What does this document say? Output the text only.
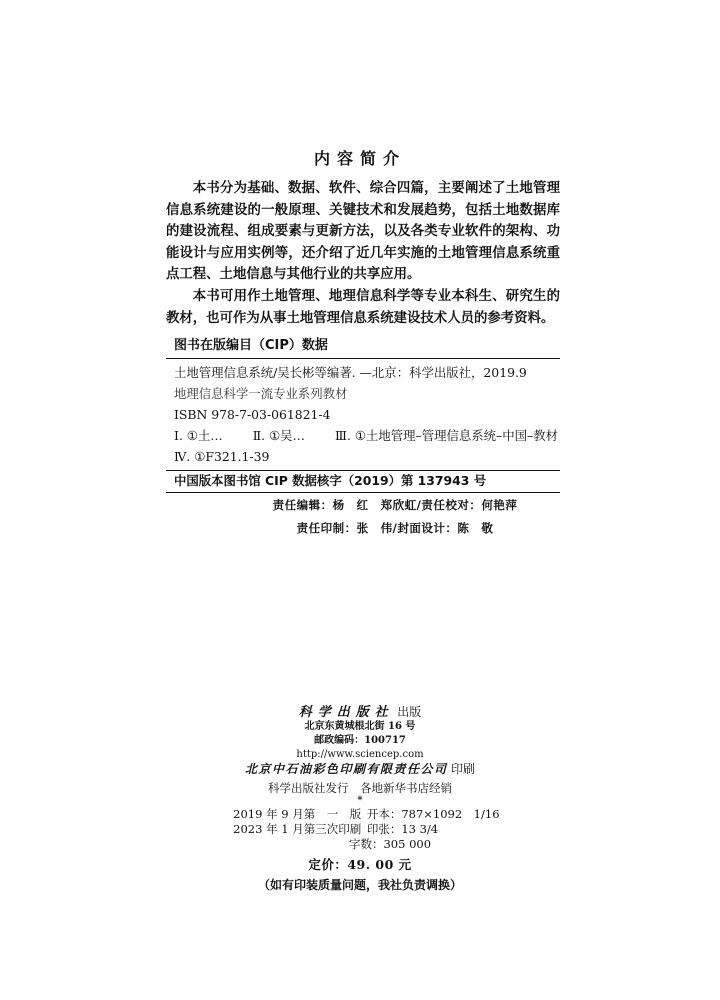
内容简介

本书分为基础、数据、软件、综合四篇，主要阐述了土地管理信息系统建设的一般原理、关键技术和发展趋势，包括土地数据库的建设流程、组成要素与更新方法，以及各类专业软件的架构、功能设计与应用实例等，还介绍了近几年实施的土地管理信息系统重点工程、土地信息与其他行业的共享应用。

本书可用作土地管理、地理信息科学等专业本科生、研究生的教材，也可作为从事土地管理信息系统建设技术人员的参考资料。

图书在版编目（CIP）数据
土地管理信息系统/吴长彬等编著. —北京：科学出版社，2019.9
地理信息科学一流专业系列教材
ISBN 978-7-03-061821-4
Ⅰ. ①土… Ⅱ. ①吴… Ⅲ. ①土地管理–管理信息系统–中国–教材
Ⅳ. ①F321.1-39
中国版本图书馆 CIP 数据核字（2019）第 137943 号
责任编辑：杨　红　郑欣虹/责任校对：何艳萍
责任印制：张　伟/封面设计：陈　敬
科学出版社 出版
北京东黄城根北街 16 号
邮政编码：100717
http://www.sciencep.com
北京中石油彩色印刷有限责任公司 印刷
科学出版社发行　各地新华书店经销
*
2019 年 9 月第　一　版 开本：787×1092　1/16
2023 年 1 月第三次印刷 印张：13 3/4
字数：305 000
定价：49. 00 元
（如有印装质量问题，我社负责调换）
